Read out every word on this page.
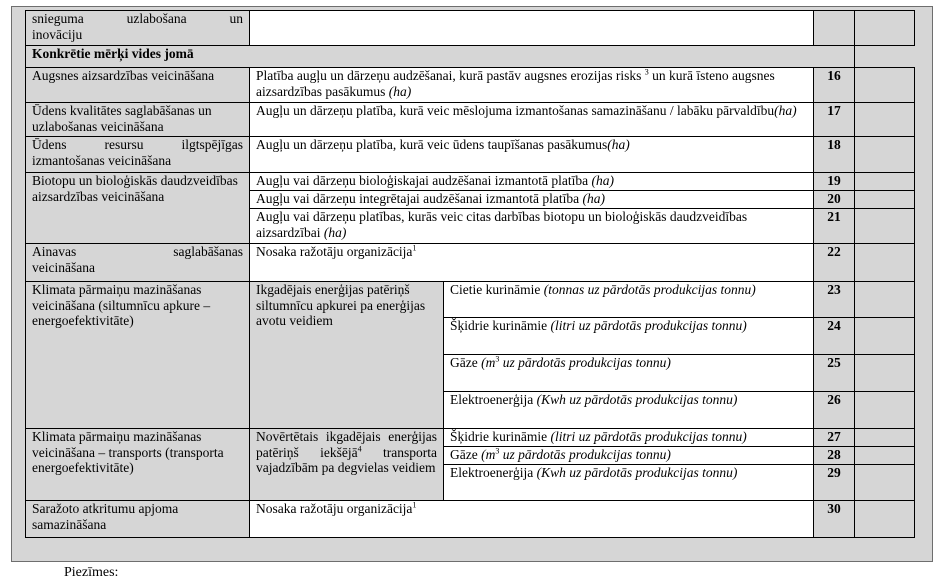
snieguma uzlabošana un
inovāciju				
Konkrētie mērķi vides jomā				
Augsnes aizsardzības veicināšana	Platība augļu un dārzeņu audzēšanai, kurā pastāv augsnes erozijas risks $^3$ un kurā īsteno augsnes aizsardzības pasākumus (ha)		16	
Ūdens kvalitātes saglabāšanas un uzlabošanas veicināšana	Augļu un dārzeņu platība, kurā veic mēslojuma izmantošanas samazināšanu / labāku pārvaldību(ha)		17	

Ūdens resursu ilgtspējīgas
izmantošanas veicināšana	Augļu un dārzeņu platība, kurā veic ūdens taupīšanas pasākumus(ha)		18	
Biotopu un bioloģiskās daudzveidības aizsardzības veicināšana	Augļu vai dārzeņu bioloģiskajai audzēšanai izmantotā platība (ha)		19	
	Augļu vai dārzeņu integrētajai audzēšanai izmantotā platība (ha)		20	
	Augļu vai dārzeņu platības, kurās veic citas darbības biotopu un bioloģiskās daudzveidības aizsardzībai (ha)		21	

Ainavas saglabāšanas
veicināšana	Nosaka ražotāju organizācija$^1$		22	
Klimata pārmaiņu mazināšanas veicināšana (siltumnīcu apkure – energoefektivitāte)	Ikgadējais enerģijas patēriņš siltumnīcu apkurei pa enerģijas avotu veidiem	Cietie kurināmie (tonnas uz pārdotās produkcijas tonnu)	23	
		Šķidrie kurināmie (litri uz pārdotās produkcijas tonnu)	24	
		Gāze ($m^3$ uz pārdotās produkcijas tonnu)	25	
		Elektroenerģija (Kwh uz pārdotās produkcijas tonnu)	26	
Klimata pārmaiņu mazināšanas veicināšana – transports (transporta energoefektivitāte)	Novērtētais ikgadējais enerģijas patēriņš iekšējā$^4$ transporta vajadzībām pa degvielas veidiem	Šķidrie kurināmie (litri uz pārdotās produkcijas tonnu)	27	
		Gāze ($m^3$ uz pārdotās produkcijas tonnu)	28	
		Elektroenerģija (Kwh uz pārdotās produkcijas tonnu)	29	
Saražoto atkritumu apjoma samazināšana	Nosaka ražotāju organizācija$^1$		30	
Piezīmes:
